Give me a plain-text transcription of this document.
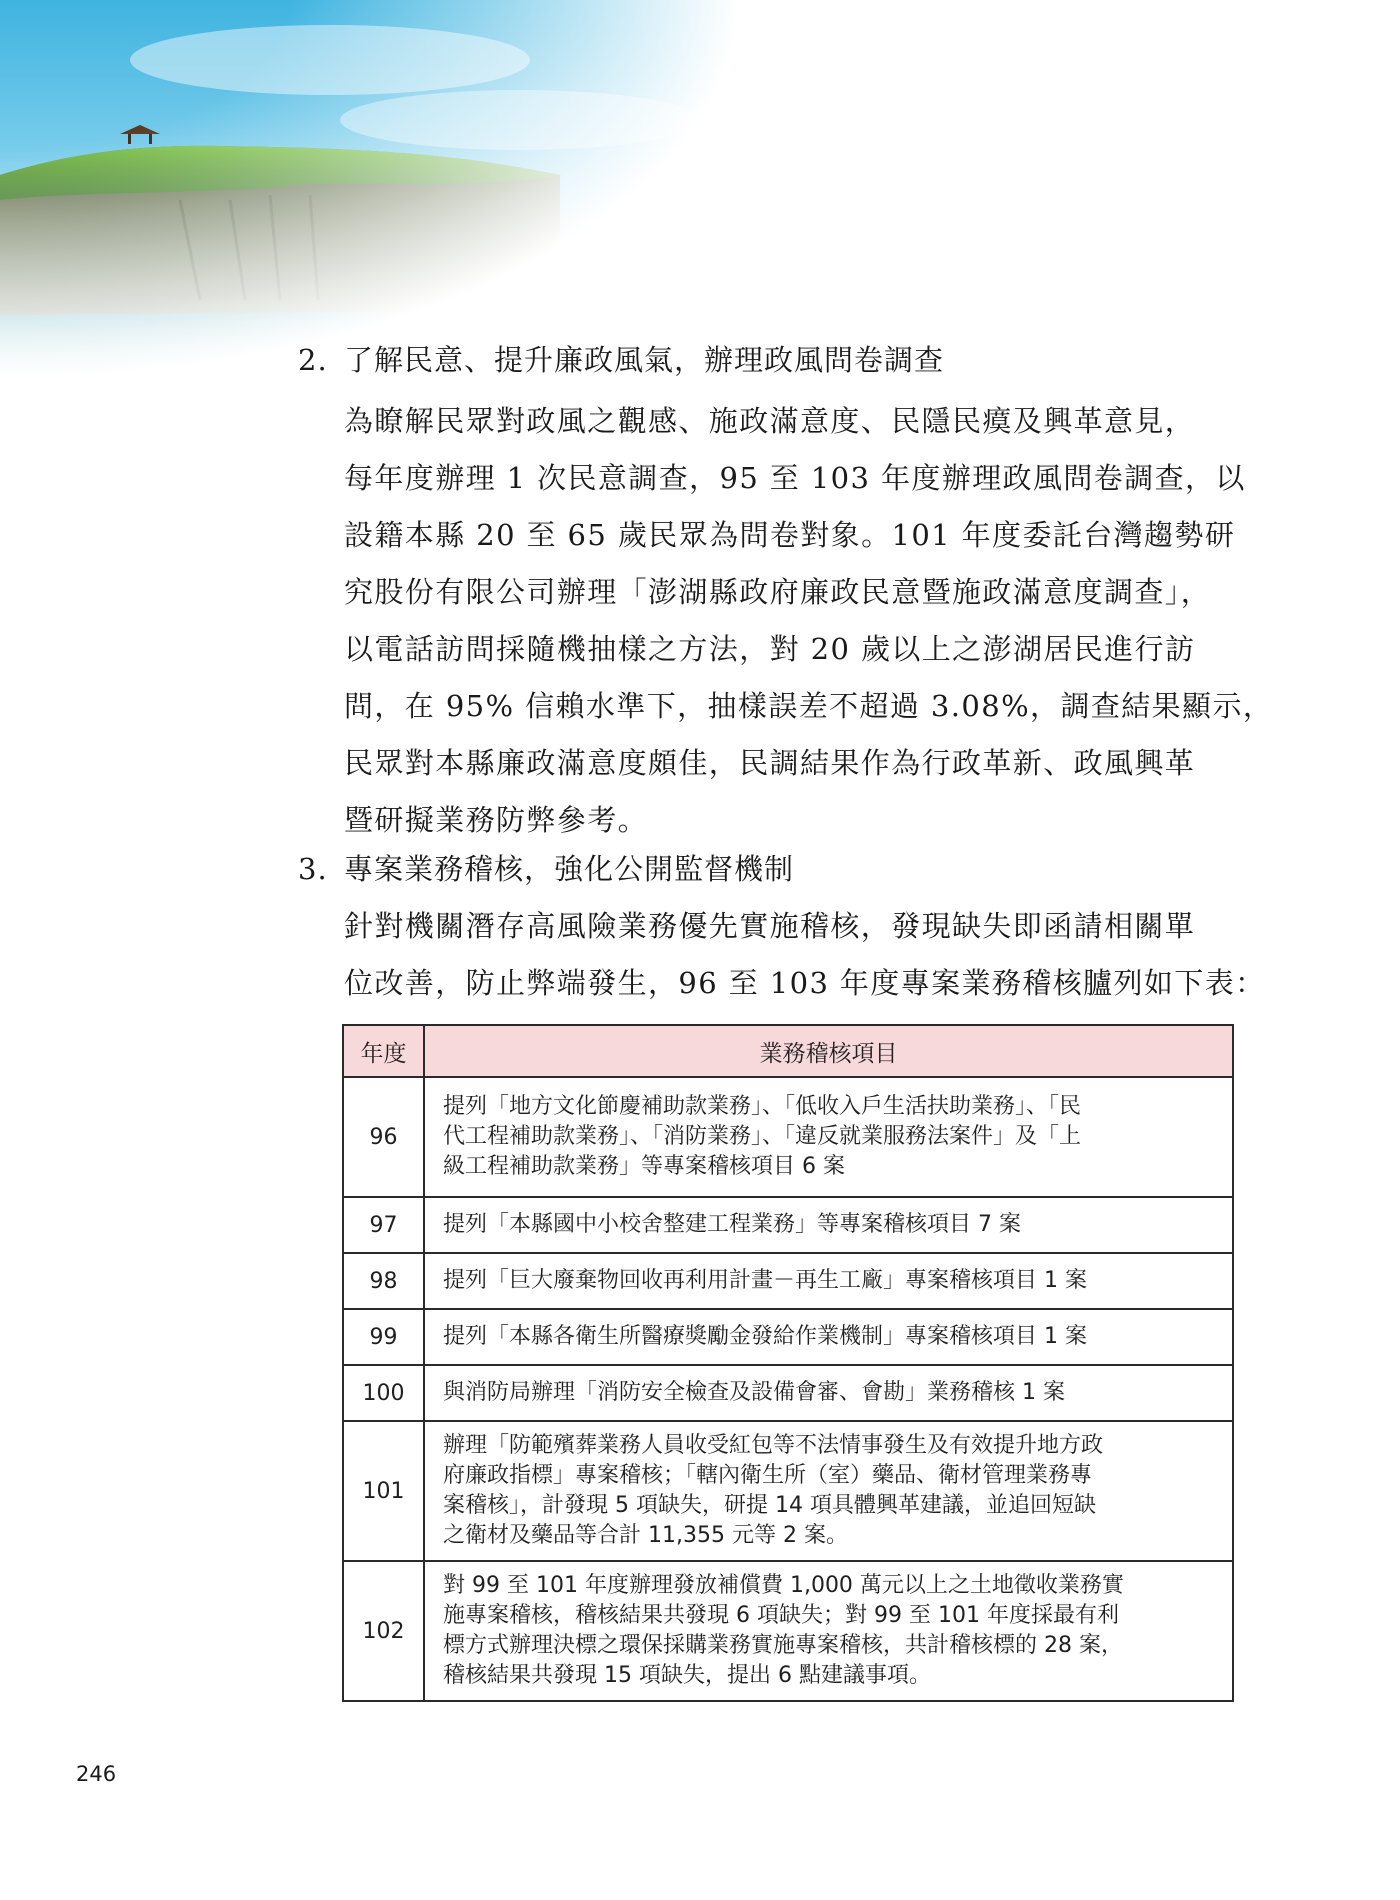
2. 了解民意、提升廉政風氣，辦理政風問卷調查
為瞭解民眾對政風之觀感、施政滿意度、民隱民瘼及興革意見，
每年度辦理 1 次民意調查，95 至 103 年度辦理政風問卷調查，以
設籍本縣 20 至 65 歲民眾為問卷對象。101 年度委託台灣趨勢研
究股份有限公司辦理「澎湖縣政府廉政民意暨施政滿意度調查」，
以電話訪問採隨機抽樣之方法，對 20 歲以上之澎湖居民進行訪
問，在 95% 信賴水準下，抽樣誤差不超過 3.08%，調查結果顯示，
民眾對本縣廉政滿意度頗佳，民調結果作為行政革新、政風興革
暨研擬業務防弊參考。
3. 專案業務稽核，強化公開監督機制
針對機關潛存高風險業務優先實施稽核，發現缺失即函請相關單
位改善，防止弊端發生，96 至 103 年度專案業務稽核臚列如下表：
年度	業務稽核項目
96	提列「地方文化節慶補助款業務」、「低收入戶生活扶助業務」、「民
代工程補助款業務」、「消防業務」、「違反就業服務法案件」及「上
級工程補助款業務」等專案稽核項目 6 案

97	提列「本縣國中小校舍整建工程業務」等專案稽核項目 7 案

98	提列「巨大廢棄物回收再利用計畫－再生工廠」專案稽核項目 1 案

99	提列「本縣各衛生所醫療獎勵金發給作業機制」專案稽核項目 1 案

100	與消防局辦理「消防安全檢查及設備會審、會勘」業務稽核 1 案

101	辦理「防範殯葬業務人員收受紅包等不法情事發生及有效提升地方政
府廉政指標」專案稽核；「轄內衛生所（室）藥品、衛材管理業務專
案稽核」，計發現 5 項缺失，研提 14 項具體興革建議，並追回短缺
之衛材及藥品等合計 11,355 元等 2 案。

102	對 99 至 101 年度辦理發放補償費 1,000 萬元以上之土地徵收業務實
施專案稽核，稽核結果共發現 6 項缺失；對 99 至 101 年度採最有利
標方式辦理決標之環保採購業務實施專案稽核，共計稽核標的 28 案，
稽核結果共發現 15 項缺失，提出 6 點建議事項。
246
